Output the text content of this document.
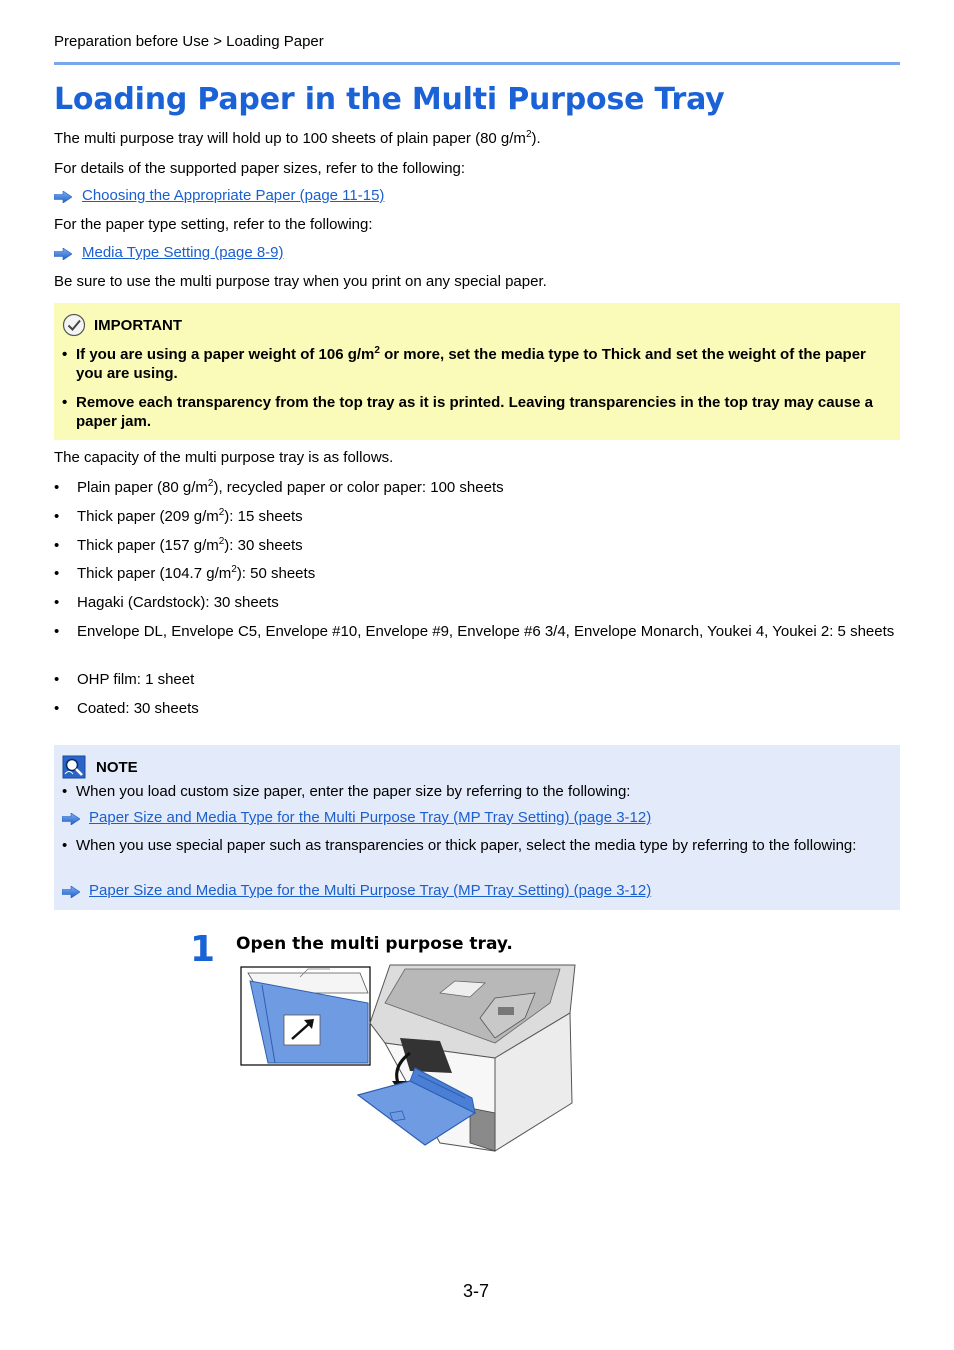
Preparation before Use > Loading Paper
Loading Paper in the Multi Purpose Tray
The multi purpose tray will hold up to 100 sheets of plain paper (80 $g/m^2$).
For details of the supported paper sizes, refer to the following:
Choosing the Appropriate Paper (page 11-15)
For the paper type setting, refer to the following:
Media Type Setting (page 8-9)
Be sure to use the multi purpose tray when you print on any special paper.
IMPORTANT
• If you are using a paper weight of 106 $g/m^2$ or more, set the media type to Thick and set the weight of the paper you are using.
• Remove each transparency from the top tray as it is printed. Leaving transparencies in the top tray may cause a paper jam.
The capacity of the multi purpose tray is as follows.
• Plain paper (80 $g/m^2$), recycled paper or color paper: 100 sheets
• Thick paper (209 $g/m^2$): 15 sheets
• Thick paper (157 $g/m^2$): 30 sheets
• Thick paper (104.7 $g/m^2$): 50 sheets
• Hagaki (Cardstock): 30 sheets
• Envelope DL, Envelope C5, Envelope #10, Envelope #9, Envelope #6 3/4, Envelope Monarch, Youkei 4, Youkei 2: 5 sheets
• OHP film: 1 sheet
• Coated: 30 sheets
NOTE
• When you load custom size paper, enter the paper size by referring to the following:
Paper Size and Media Type for the Multi Purpose Tray (MP Tray Setting) (page 3-12)
• When you use special paper such as transparencies or thick paper, select the media type by referring to the following:
Paper Size and Media Type for the Multi Purpose Tray (MP Tray Setting) (page 3-12)
1 Open the multi purpose tray.
3-7
